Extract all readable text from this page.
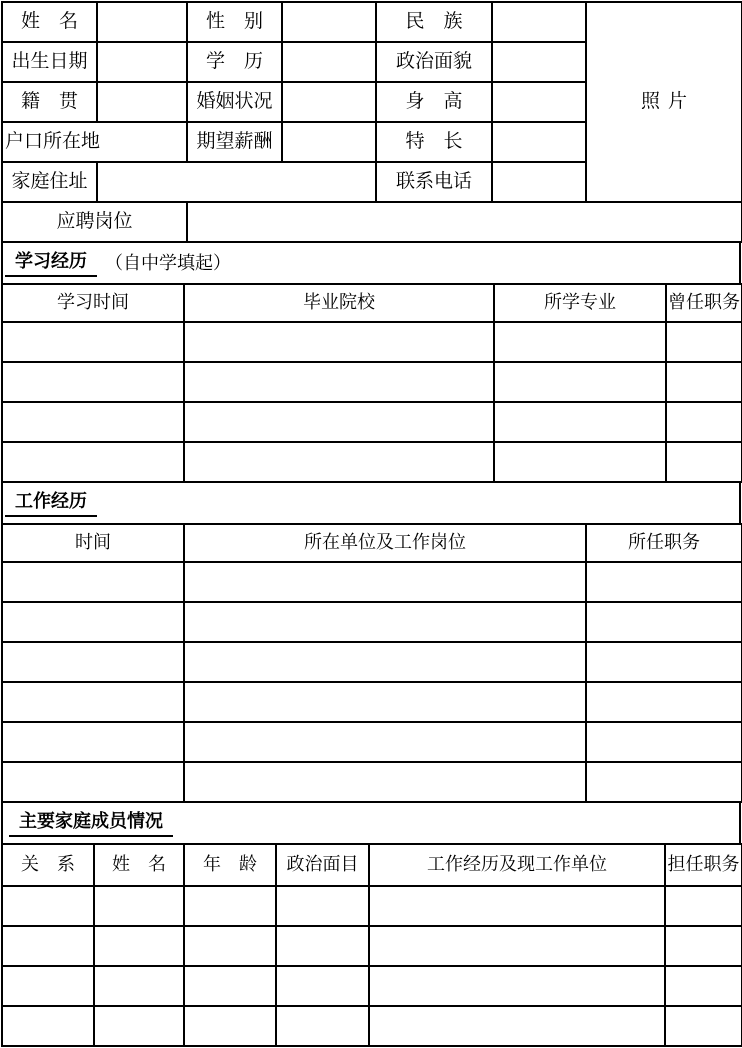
姓　名		性　别		民　族		照片
出生日期		学　历		政治面貌		
籍　贯		婚姻状况		身　高		
户口所在地		期望薪酬		特　长		
家庭住址				联系电话		
应聘岗位						
学习经历	（自中学填起）
学习时间	毕业院校	所学专业	曾任职务

工作经历
时间	所在单位及工作岗位	所任职务

主要家庭成员情况
关　系	姓　名	年　龄	政治面目	工作经历及现工作单位	担任职务
